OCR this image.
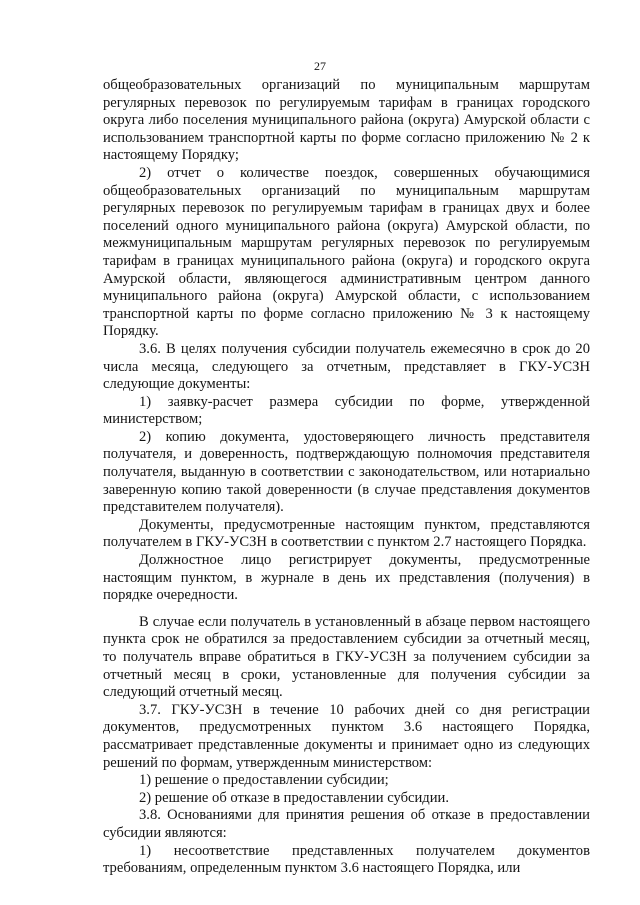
27

общеобразовательных организаций по муниципальным маршрутам регулярных перевозок по регулируемым тарифам в границах городского округа либо поселения муниципального района (округа) Амурской области с использованием транспортной карты по форме согласно приложению № 2 к настоящему Порядку;

2) отчет о количестве поездок, совершенных обучающимися общеобразовательных организаций по муниципальным маршрутам регулярных перевозок по регулируемым тарифам в границах двух и более поселений одного муниципального района (округа) Амурской области, по межмуниципальным маршрутам регулярных перевозок по регулируемым тарифам в границах муниципального района (округа) и городского округа Амурской области, являющегося административным центром данного муниципального района (округа) Амурской области, с использованием транспортной карты по форме согласно приложению № 3 к настоящему Порядку.

3.6. В целях получения субсидии получатель ежемесячно в срок до 20 числа месяца, следующего за отчетным, представляет в ГКУ-УСЗН следующие документы:

1) заявку-расчет размера субсидии по форме, утвержденной министерством;

2) копию документа, удостоверяющего личность представителя получателя, и доверенность, подтверждающую полномочия представителя получателя, выданную в соответствии с законодательством, или нотариально заверенную копию такой доверенности (в случае представления документов представителем получателя).

Документы, предусмотренные настоящим пунктом, представляются получателем в ГКУ-УСЗН в соответствии с пунктом 2.7 настоящего Порядка.

Должностное лицо регистрирует документы, предусмотренные настоящим пунктом, в журнале в день их представления (получения) в порядке очередности.

В случае если получатель в установленный в абзаце первом настоящего пункта срок не обратился за предоставлением субсидии за отчетный месяц, то получатель вправе обратиться в ГКУ-УСЗН за получением субсидии за отчетный месяц в сроки, установленные для получения субсидии за следующий отчетный месяц.

3.7. ГКУ-УСЗН в течение 10 рабочих дней со дня регистрации документов, предусмотренных пунктом 3.6 настоящего Порядка, рассматривает представленные документы и принимает одно из следующих решений по формам, утвержденным министерством:

1) решение о предоставлении субсидии;

2) решение об отказе в предоставлении субсидии.

3.8. Основаниями для принятия решения об отказе в предоставлении субсидии являются:

1) несоответствие представленных получателем документов требованиям, определенным пунктом 3.6 настоящего Порядка, или
